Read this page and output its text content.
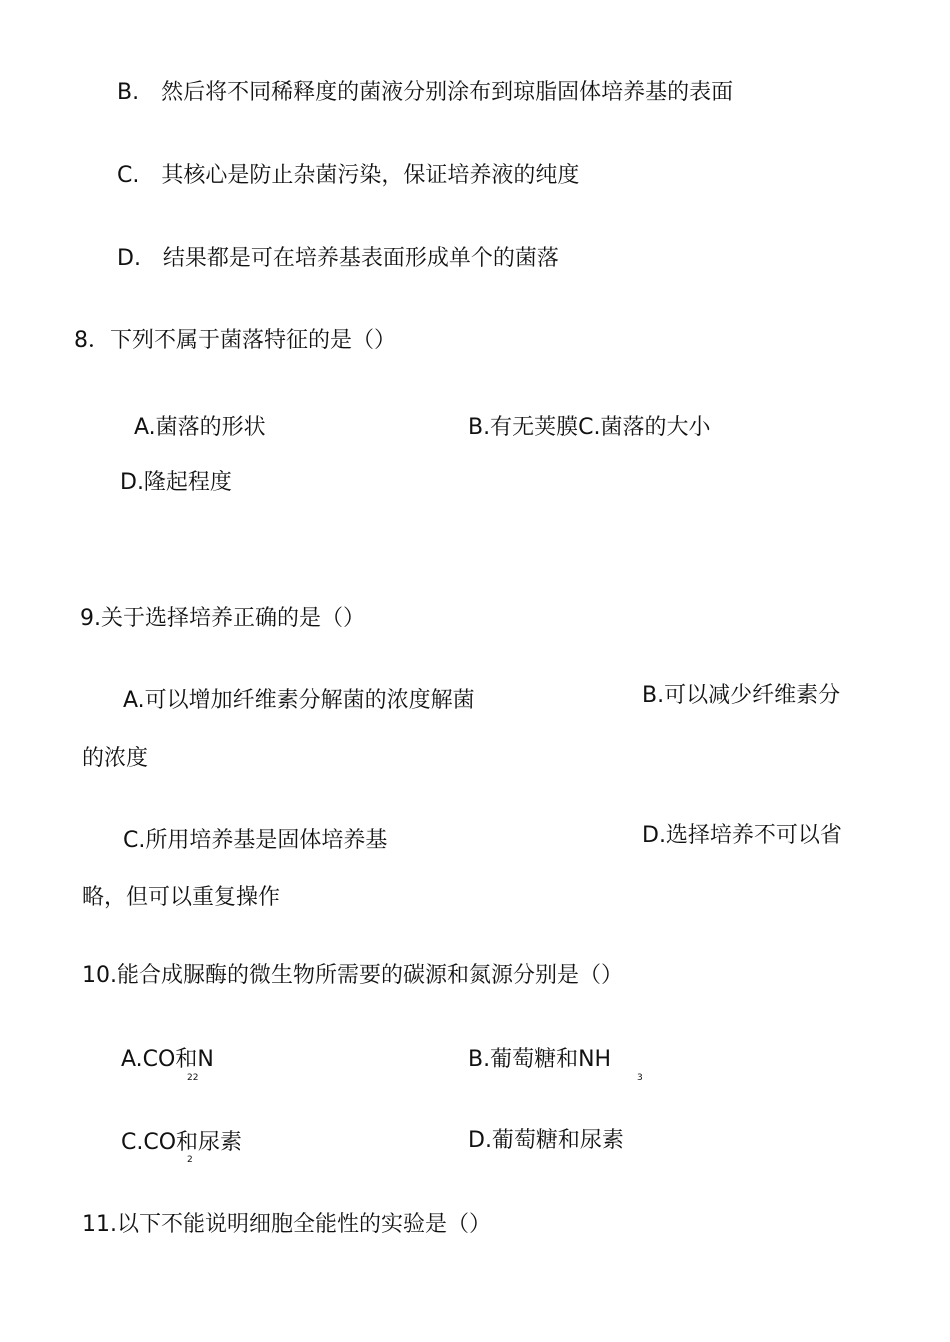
B.　然后将不同稀释度的菌液分别涂布到琼脂固体培养基的表面
C.　其核心是防止杂菌污染，保证培养液的纯度
D.　结果都是可在培养基表面形成单个的菌落
8．下列不属于菌落特征的是（）
A.菌落的形状	B.有无荚膜C.菌落的大小
D.隆起程度
9.关于选择培养正确的是（）
A.可以增加纤维素分解菌的浓度解菌	B.可以减少纤维素分
的浓度
C.所用培养基是固体培养基	D.选择培养不可以省
略，但可以重复操作
10.能合成脲酶的微生物所需要的碳源和氮源分别是（）
A.CO和N
22
B.葡萄糖和NH
3
C.CO和尿素
2
D.葡萄糖和尿素
11.以下不能说明细胞全能性的实验是（）
